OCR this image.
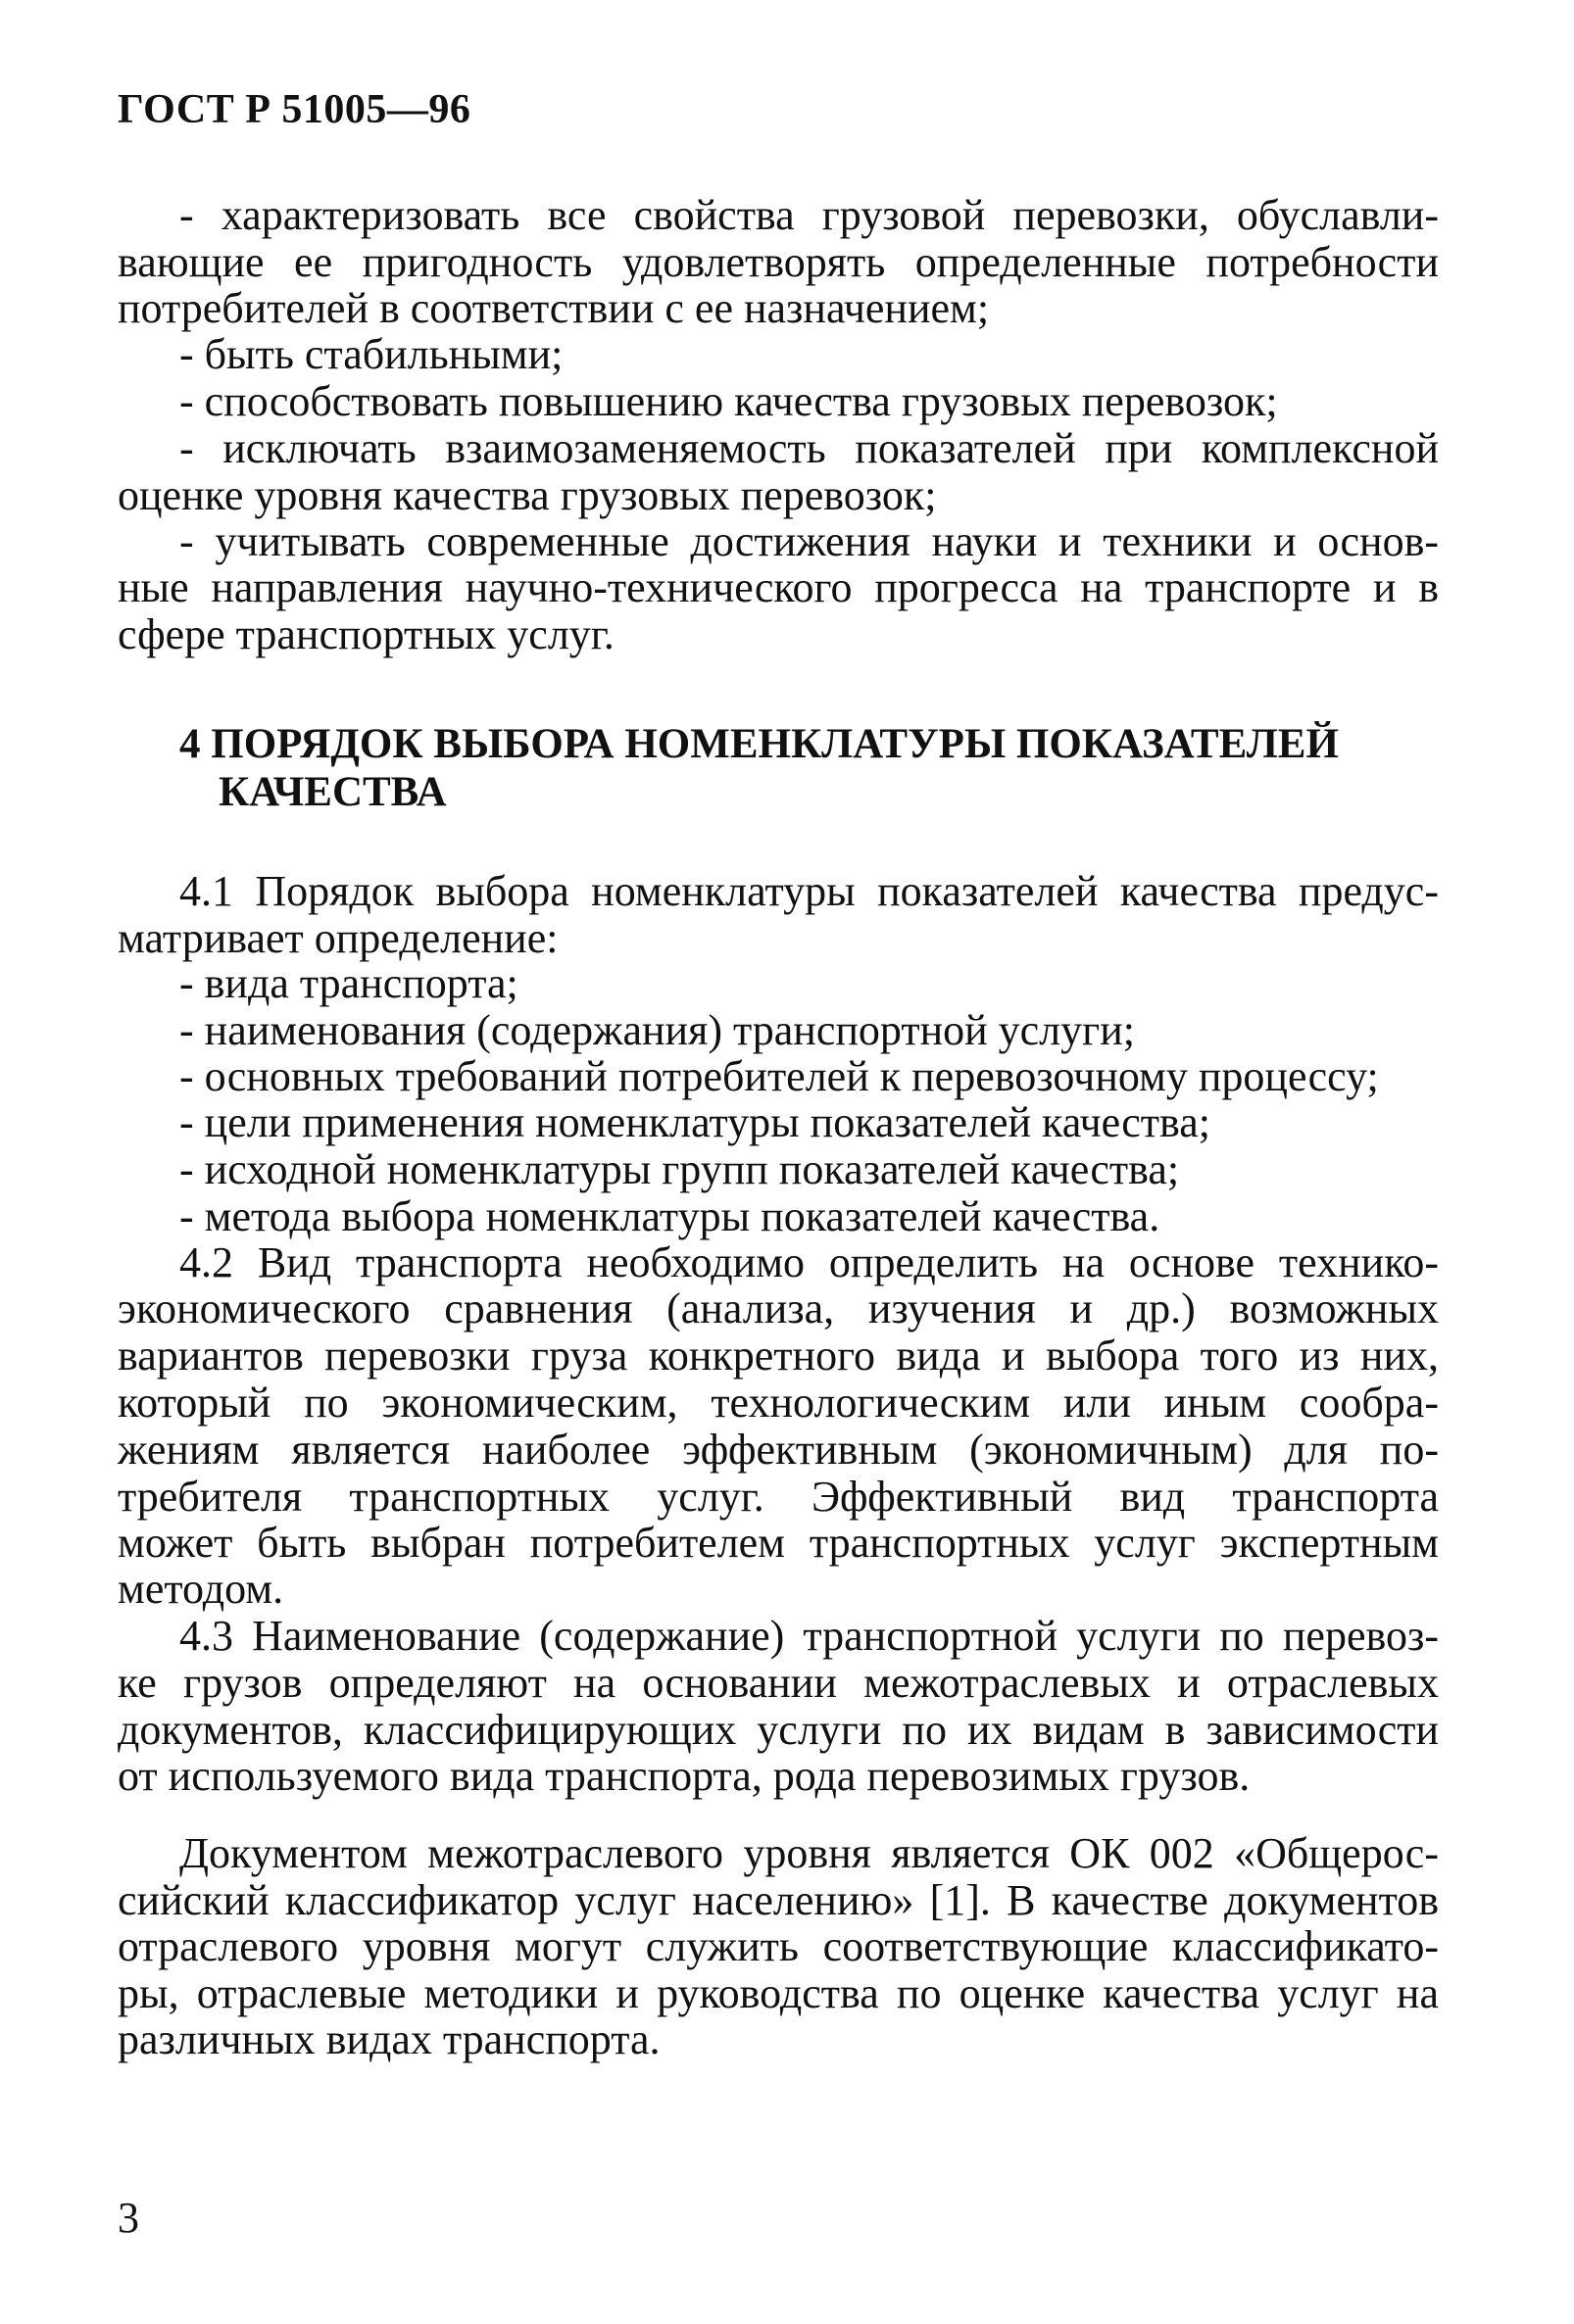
ГОСТ Р 51005—96
- характеризовать все свойства грузовой перевозки, обуславли-
вающие ее пригодность удовлетворять определенные потребности
потребителей в соответствии с ее назначением;
- быть стабильными;
- способствовать повышению качества грузовых перевозок;
- исключать взаимозаменяемость показателей при комплексной
оценке уровня качества грузовых перевозок;
- учитывать современные достижения науки и техники и основ-
ные направления научно-технического прогресса на транспорте и в
сфере транспортных услуг.
4 ПОРЯДОК ВЫБОРА НОМЕНКЛАТУРЫ ПОКАЗАТЕЛЕЙ
КАЧЕСТВА
4.1 Порядок выбора номенклатуры показателей качества предус-
матривает определение:
- вида транспорта;
- наименования (содержания) транспортной услуги;
- основных требований потребителей к перевозочному процессу;
- цели применения номенклатуры показателей качества;
- исходной номенклатуры групп показателей качества;
- метода выбора номенклатуры показателей качества.
4.2 Вид транспорта необходимо определить на основе технико-
экономического сравнения (анализа, изучения и др.) возможных
вариантов перевозки груза конкретного вида и выбора того из них,
который по экономическим, технологическим или иным сообра-
жениям является наиболее эффективным (экономичным) для по-
требителя транспортных услуг. Эффективный вид транспорта
может быть выбран потребителем транспортных услуг экспертным
методом.
4.3 Наименование (содержание) транспортной услуги по перевоз-
ке грузов определяют на основании межотраслевых и отраслевых
документов, классифицирующих услуги по их видам в зависимости
от используемого вида транспорта, рода перевозимых грузов.
Документом межотраслевого уровня является ОК 002 «Общерос-
сийский классификатор услуг населению» [1]. В качестве документов
отраслевого уровня могут служить соответствующие классификато-
ры, отраслевые методики и руководства по оценке качества услуг на
различных видах транспорта.
3
